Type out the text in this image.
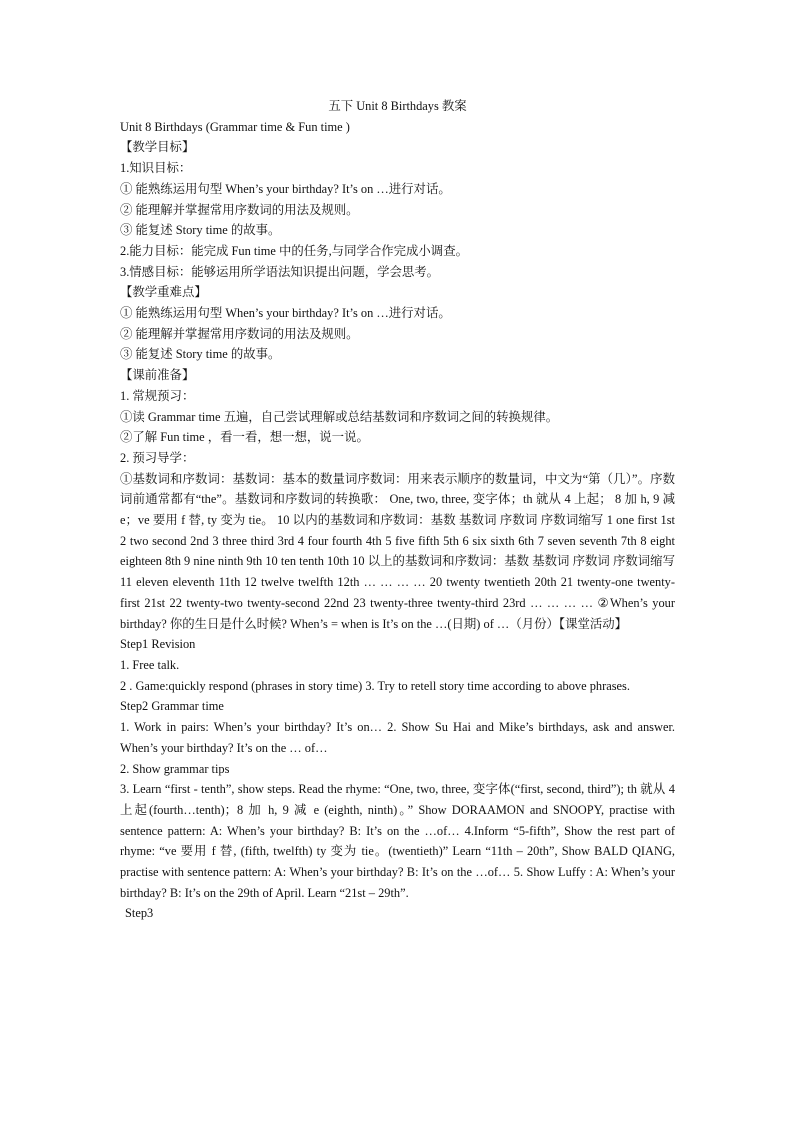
五下 Unit 8 Birthdays 教案
Unit 8 Birthdays (Grammar time & Fun time )
【教学目标】
1.知识目标：
① 能熟练运用句型 When’s your birthday? It’s on …进行对话。
② 能理解并掌握常用序数词的用法及规则。
③ 能复述 Story time 的故事。
2.能力目标：能完成 Fun time 中的任务,与同学合作完成小调查。
3.情感目标：能够运用所学语法知识提出问题，学会思考。
【教学重难点】
① 能熟练运用句型 When’s your birthday? It’s on …进行对话。
② 能理解并掌握常用序数词的用法及规则。
③ 能复述 Story time 的故事。
【课前准备】
1. 常规预习：
①读 Grammar time 五遍，自己尝试理解或总结基数词和序数词之间的转换规律。
②了解 Fun time ，看一看，想一想，说一说。
2. 预习导学：
①基数词和序数词：基数词：基本的数量词序数词：用来表示顺序的数量词，中文为“第（几）”。序数词前通常都有“the”。基数词和序数词的转换歌： One, two, three, 变字体；th 就从 4 上起； 8 加 h, 9 减 e；ve 要用 f 替, ty 变为 tie。 10 以内的基数词和序数词：基数 基数词 序数词 序数词缩写 1 one first 1st 2 two second 2nd 3 three third 3rd 4 four fourth 4th 5 five fifth 5th 6 six sixth 6th 7 seven seventh 7th 8 eight eighteen 8th 9 nine ninth 9th 10 ten tenth 10th 10 以上的基数词和序数词：基数 基数词 序数词 序数词缩写 11 eleven eleventh 11th 12 twelve twelfth 12th … … … … 20 twenty twentieth 20th 21 twenty-one twenty-first 21st 22 twenty-two twenty-second 22nd 23 twenty-three twenty-third 23rd … … … … ②When’s your birthday? 你的生日是什么时候? When’s = when is It’s on the …(日期) of …（月份）【课堂活动】
Step1 Revision
1. Free talk.
2 . Game:quickly respond (phrases in story time) 3. Try to retell story time according to above phrases.
Step2 Grammar time
1. Work in pairs: When’s your birthday? It’s on… 2. Show Su Hai and Mike’s birthdays, ask and answer. When’s your birthday? It’s on the … of…
2. Show grammar tips
3. Learn “first - tenth”, show steps. Read the rhyme: “One, two, three, 变字体(“first, second, third”); th 就从 4 上起(fourth…tenth)；8 加 h, 9 减 e (eighth, ninth)。” Show DORAAMON and SNOOPY, practise with sentence pattern: A: When’s your birthday? B: It’s on the …of… 4.Inform “5-fifth”, Show the rest part of rhyme: “ve 要用 f 替, (fifth, twelfth) ty 变为 tie。(twentieth)” Learn “11th – 20th”, Show BALD QIANG, practise with sentence pattern: A: When’s your birthday? B: It’s on the …of… 5. Show Luffy : A: When’s your birthday? B: It’s on the 29th of April. Learn “21st – 29th”.
Step3
